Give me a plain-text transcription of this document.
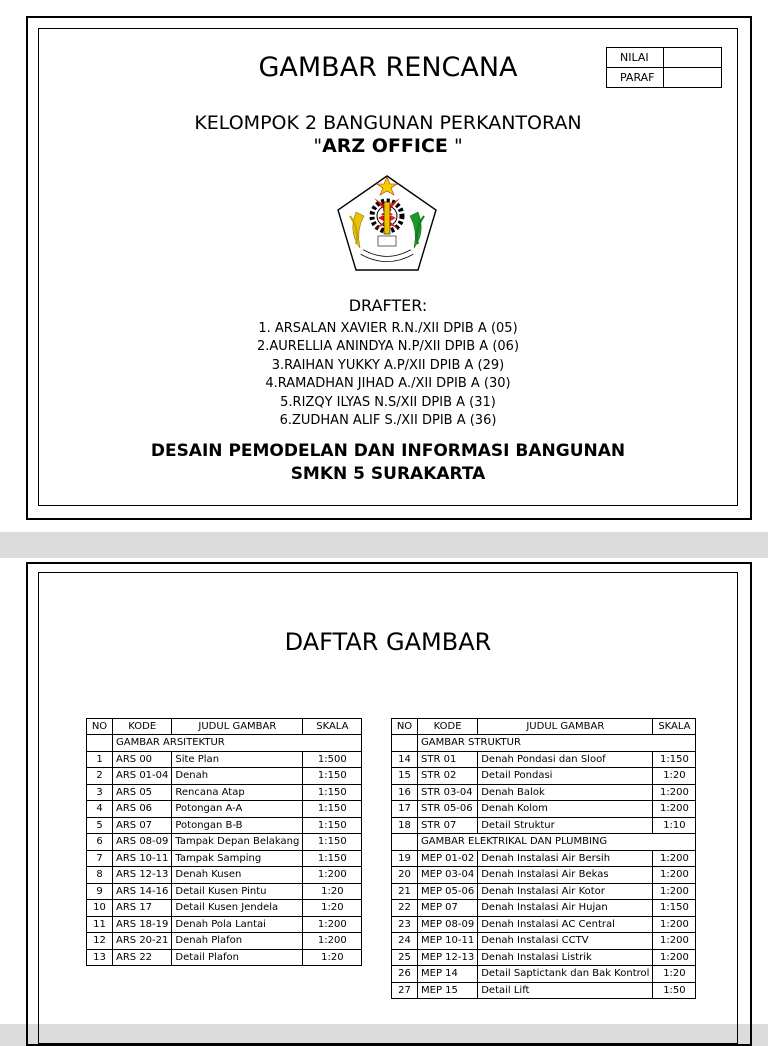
NILAI	
PARAF	
GAMBAR RENCANA
KELOMPOK 2 BANGUNAN PERKANTORAN
"ARZ OFFICE "
DRAFTER:
1. ARSALAN XAVIER R.N./XII DPIB A (05)
2.AURELLIA ANINDYA N.P/XII DPIB A (06)
3.RAIHAN YUKKY A.P/XII DPIB A (29)
4.RAMADHAN JIHAD A./XII DPIB A (30)
5.RIZQY ILYAS N.S/XII DPIB A (31)
6.ZUDHAN ALIF S./XII DPIB A (36)
DESAIN PEMODELAN DAN INFORMASI BANGUNAN
SMKN 5 SURAKARTA
DAFTAR GAMBAR
NO	KODE	JUDUL GAMBAR	SKALA
	GAMBAR ARSITEKTUR		
1	ARS 00	Site Plan	1:500
2	ARS 01-04	Denah	1:150
3	ARS 05	Rencana Atap	1:150
4	ARS 06	Potongan A-A	1:150
5	ARS 07	Potongan B-B	1:150
6	ARS 08-09	Tampak Depan Belakang	1:150
7	ARS 10-11	Tampak Samping	1:150
8	ARS 12-13	Denah Kusen	1:200
9	ARS 14-16	Detail Kusen Pintu	1:20
10	ARS 17	Detail Kusen Jendela	1:20
11	ARS 18-19	Denah Pola Lantai	1:200
12	ARS 20-21	Denah Plafon	1:200
13	ARS 22	Detail Plafon	1:20
NO	KODE	JUDUL GAMBAR	SKALA
	GAMBAR STRUKTUR		
14	STR 01	Denah Pondasi dan Sloof	1:150
15	STR 02	Detail Pondasi	1:20
16	STR 03-04	Denah Balok	1:200
17	STR 05-06	Denah Kolom	1:200
18	STR 07	Detail Struktur	1:10
	GAMBAR ELEKTRIKAL DAN PLUMBING		
19	MEP 01-02	Denah Instalasi Air Bersih	1:200
20	MEP 03-04	Denah Instalasi Air Bekas	1:200
21	MEP 05-06	Denah Instalasi Air Kotor	1:200
22	MEP 07	Denah Instalasi Air Hujan	1:150
23	MEP 08-09	Denah Instalasi AC Central	1:200
24	MEP 10-11	Denah Instalasi CCTV	1:200
25	MEP 12-13	Denah Instalasi Listrik	1:200
26	MEP 14	Detail Saptictank dan Bak Kontrol	1:20
27	MEP 15	Detail Lift	1:50
